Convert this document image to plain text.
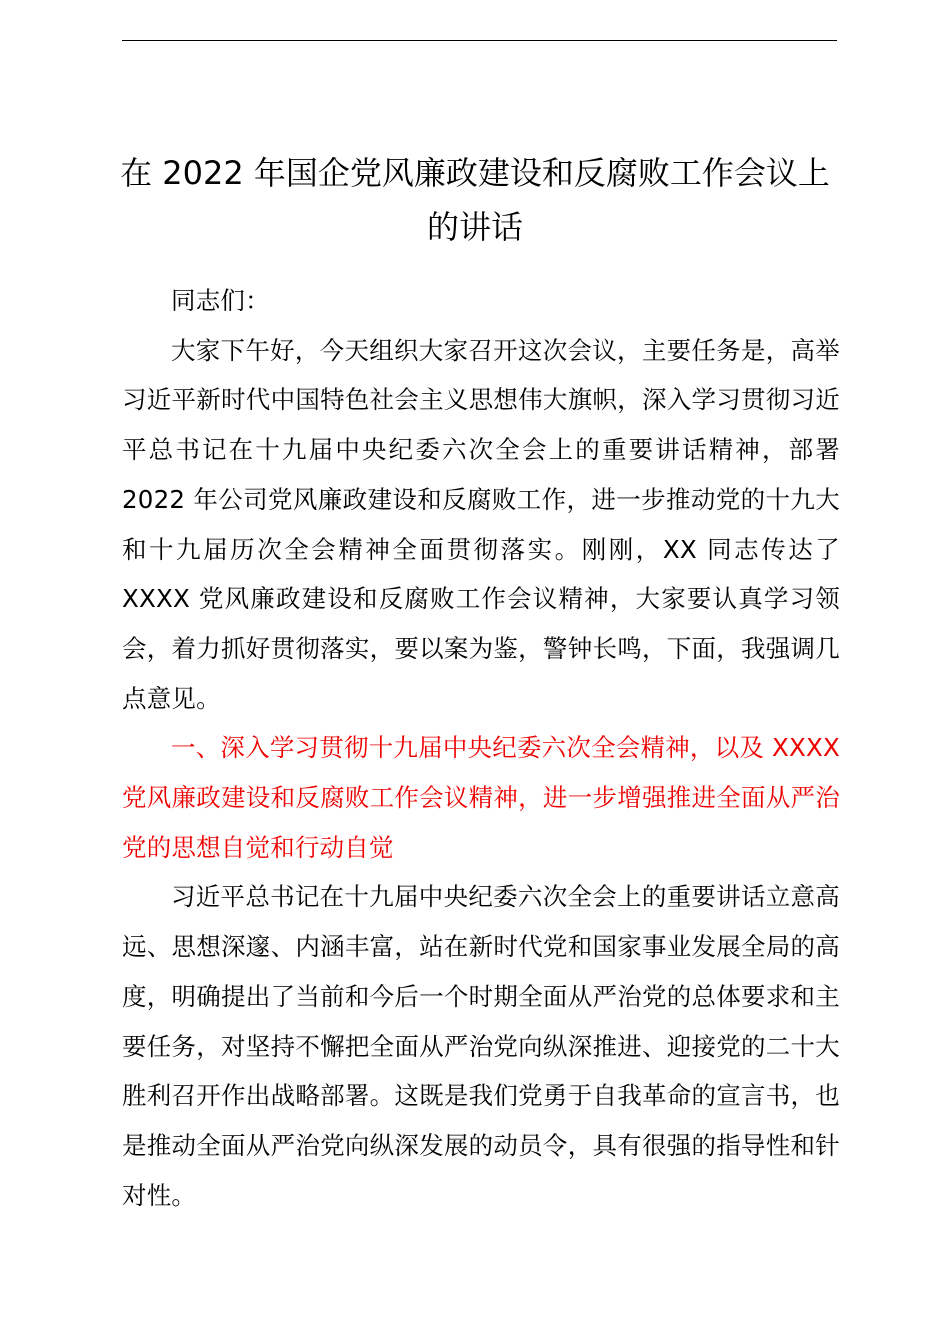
在 2022 年国企党风廉政建设和反腐败工作会议上的讲话

同志们：

大家下午好，今天组织大家召开这次会议，主要任务是，高举习近平新时代中国特色社会主义思想伟大旗帜，深入学习贯彻习近平总书记在十九届中央纪委六次全会上的重要讲话精神，部署 2022 年公司党风廉政建设和反腐败工作，进一步推动党的十九大和十九届历次全会精神全面贯彻落实。刚刚，XX 同志传达了 XXXX 党风廉政建设和反腐败工作会议精神，大家要认真学习领会，着力抓好贯彻落实，要以案为鉴，警钟长鸣，下面，我强调几点意见。

一、深入学习贯彻十九届中央纪委六次全会精神，以及 XXXX 党风廉政建设和反腐败工作会议精神，进一步增强推进全面从严治党的思想自觉和行动自觉

习近平总书记在十九届中央纪委六次全会上的重要讲话立意高远、思想深邃、内涵丰富，站在新时代党和国家事业发展全局的高度，明确提出了当前和今后一个时期全面从严治党的总体要求和主要任务，对坚持不懈把全面从严治党向纵深推进、迎接党的二十大胜利召开作出战略部署。这既是我们党勇于自我革命的宣言书，也是推动全面从严治党向纵深发展的动员令，具有很强的指导性和针对性。
